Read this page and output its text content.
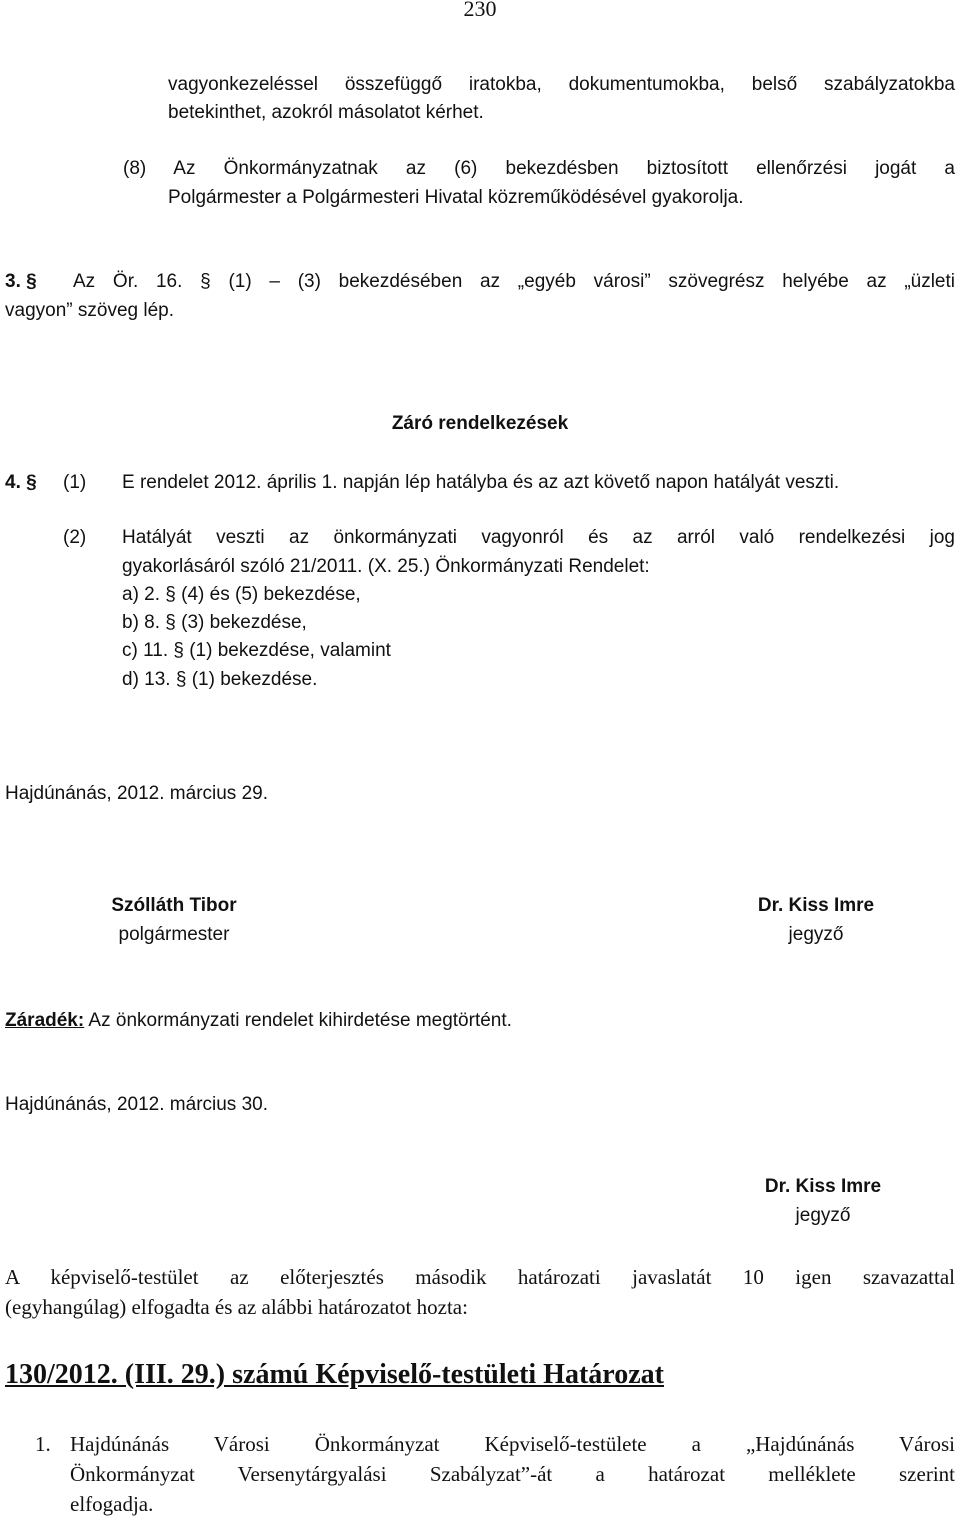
230
vagyonkezeléssel összefüggő iratokba, dokumentumokba, belső szabályzatokba
betekinthet, azokról másolatot kérhet.
(8) Az Önkormányzatnak az (6) bekezdésben biztosított ellenőrzési jogát a
Polgármester a Polgármesteri Hivatal közreműködésével gyakorolja.
3. § Az Ör. 16. § (1) – (3) bekezdésében az „egyéb városi” szövegrész helyébe az „üzleti
vagyon” szöveg lép.
Záró rendelkezések
4. § (1) E rendelet 2012. április 1. napján lép hatályba és az azt követő napon hatályát veszti.
(2) Hatályát veszti az önkormányzati vagyonról és az arról való rendelkezési jog
gyakorlásáról szóló 21/2011. (X. 25.) Önkormányzati Rendelet:
a) 2. § (4) és (5) bekezdése,
b) 8. § (3) bekezdése,
c) 11. § (1) bekezdése, valamint
d) 13. § (1) bekezdése.
Hajdúnánás, 2012. március 29.
Szólláth Tibor
polgármester
Dr. Kiss Imre
jegyző
Záradék: Az önkormányzati rendelet kihirdetése megtörtént.
Hajdúnánás, 2012. március 30.
Dr. Kiss Imre
jegyző
A képviselő-testület az előterjesztés második határozati javaslatát 10 igen szavazattal
(egyhangúlag) elfogadta és az alábbi határozatot hozta:
130/2012. (III. 29.) számú Képviselő-testületi Határozat
1. Hajdúnánás Városi Önkormányzat Képviselő-testülete a „Hajdúnánás Városi
Önkormányzat Versenytárgyalási Szabályzat”-át a határozat melléklete szerint
elfogadja.
